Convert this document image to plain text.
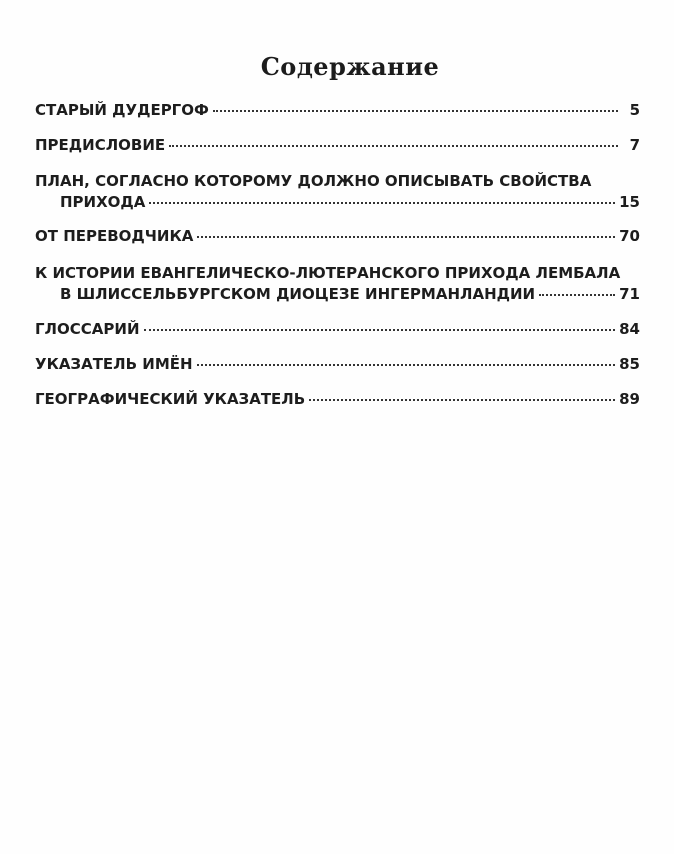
Содержание
СТАРЫЙ ДУДЕРГОФ	5
ПРЕДИСЛОВИЕ	7
ПЛАН, СОГЛАСНО КОТОРОМУ ДОЛЖНО ОПИСЫВАТЬ СВОЙСТВА
ПРИХОДА	15
ОТ ПЕРЕВОДЧИКА	70
К ИСТОРИИ ЕВАНГЕЛИЧЕСКО-ЛЮТЕРАНСКОГО ПРИХОДА ЛЕМБАЛА
В ШЛИССЕЛЬБУРГСКОМ ДИОЦЕЗЕ ИНГЕРМАНЛАНДИИ	71
ГЛОССАРИЙ	84
УКАЗАТЕЛЬ ИМЁН	85
ГЕОГРАФИЧЕСКИЙ УКАЗАТЕЛЬ	89
